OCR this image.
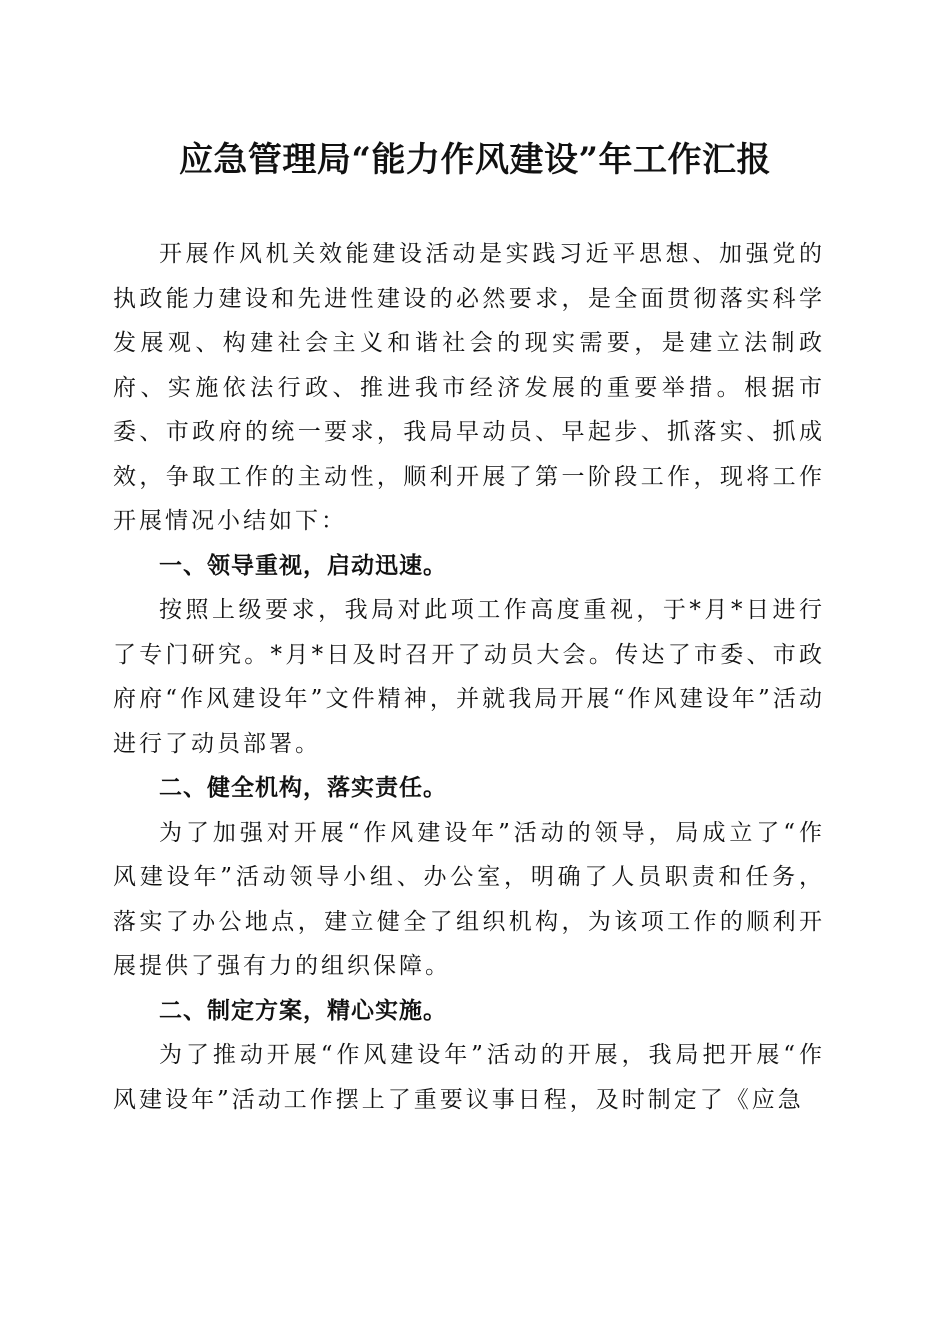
应急管理局“能力作风建设”年工作汇报

开展作风机关效能建设活动是实践习近平思想、加强党的执政能力建设和先进性建设的必然要求，是全面贯彻落实科学发展观、构建社会主义和谐社会的现实需要，是建立法制政府、实施依法行政、推进我市经济发展的重要举措。根据市委、市政府的统一要求，我局早动员、早起步、抓落实、抓成效，争取工作的主动性，顺利开展了第一阶段工作，现将工作开展情况小结如下：

一、领导重视，启动迅速。

按照上级要求，我局对此项工作高度重视，于*月*日进行了专门研究。*月*日及时召开了动员大会。传达了市委、市政府府“作风建设年”文件精神，并就我局开展“作风建设年”活动进行了动员部署。

二、健全机构，落实责任。

为了加强对开展“作风建设年”活动的领导，局成立了“作风建设年”活动领导小组、办公室，明确了人员职责和任务，落实了办公地点，建立健全了组织机构，为该项工作的顺利开展提供了强有力的组织保障。

二、制定方案，精心实施。

为了推动开展“作风建设年”活动的开展，我局把开展“作风建设年”活动工作摆上了重要议事日程，及时制定了《应急
